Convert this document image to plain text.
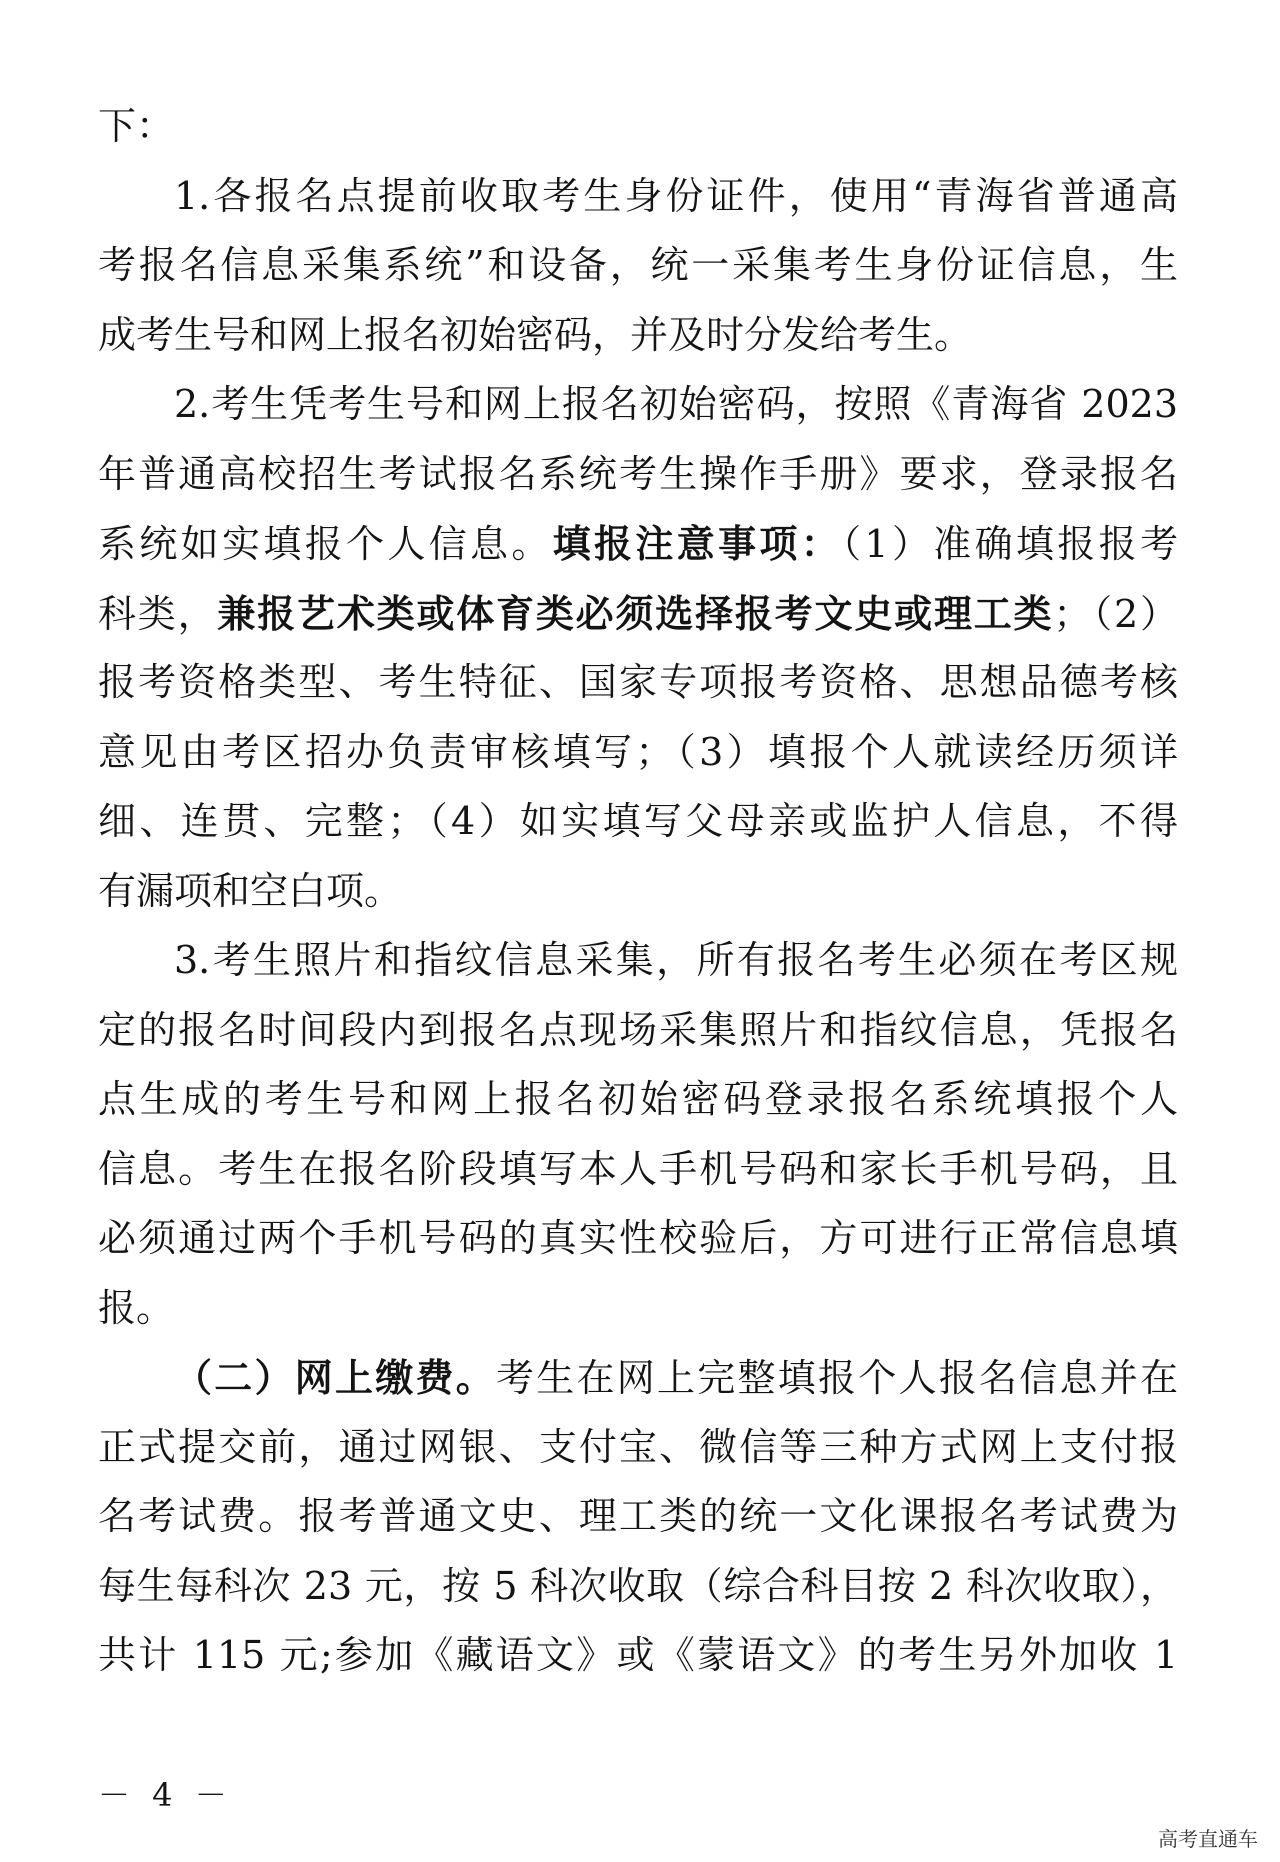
下：
1.各报名点提前收取考生身份证件，使用“青海省普通高
考报名信息采集系统”和设备，统一采集考生身份证信息，生
成考生号和网上报名初始密码，并及时分发给考生。
2.考生凭考生号和网上报名初始密码，按照《青海省 2023
年普通高校招生考试报名系统考生操作手册》要求，登录报名
系统如实填报个人信息。填报注意事项：（1）准确填报报考
科类，兼报艺术类或体育类必须选择报考文史或理工类；（2）
报考资格类型、考生特征、国家专项报考资格、思想品德考核
意见由考区招办负责审核填写；（3）填报个人就读经历须详
细、连贯、完整；（4）如实填写父母亲或监护人信息，不得
有漏项和空白项。
3.考生照片和指纹信息采集，所有报名考生必须在考区规
定的报名时间段内到报名点现场采集照片和指纹信息，凭报名
点生成的考生号和网上报名初始密码登录报名系统填报个人
信息。考生在报名阶段填写本人手机号码和家长手机号码，且
必须通过两个手机号码的真实性校验后，方可进行正常信息填
报。
（二）网上缴费。考生在网上完整填报个人报名信息并在
正式提交前，通过网银、支付宝、微信等三种方式网上支付报
名考试费。报考普通文史、理工类的统一文化课报名考试费为
每生每科次 23 元，按 5 科次收取（综合科目按 2 科次收取），
共计 115 元;参加《藏语文》或《蒙语文》的考生另外加收 1
－ 4 －
高考直通车
